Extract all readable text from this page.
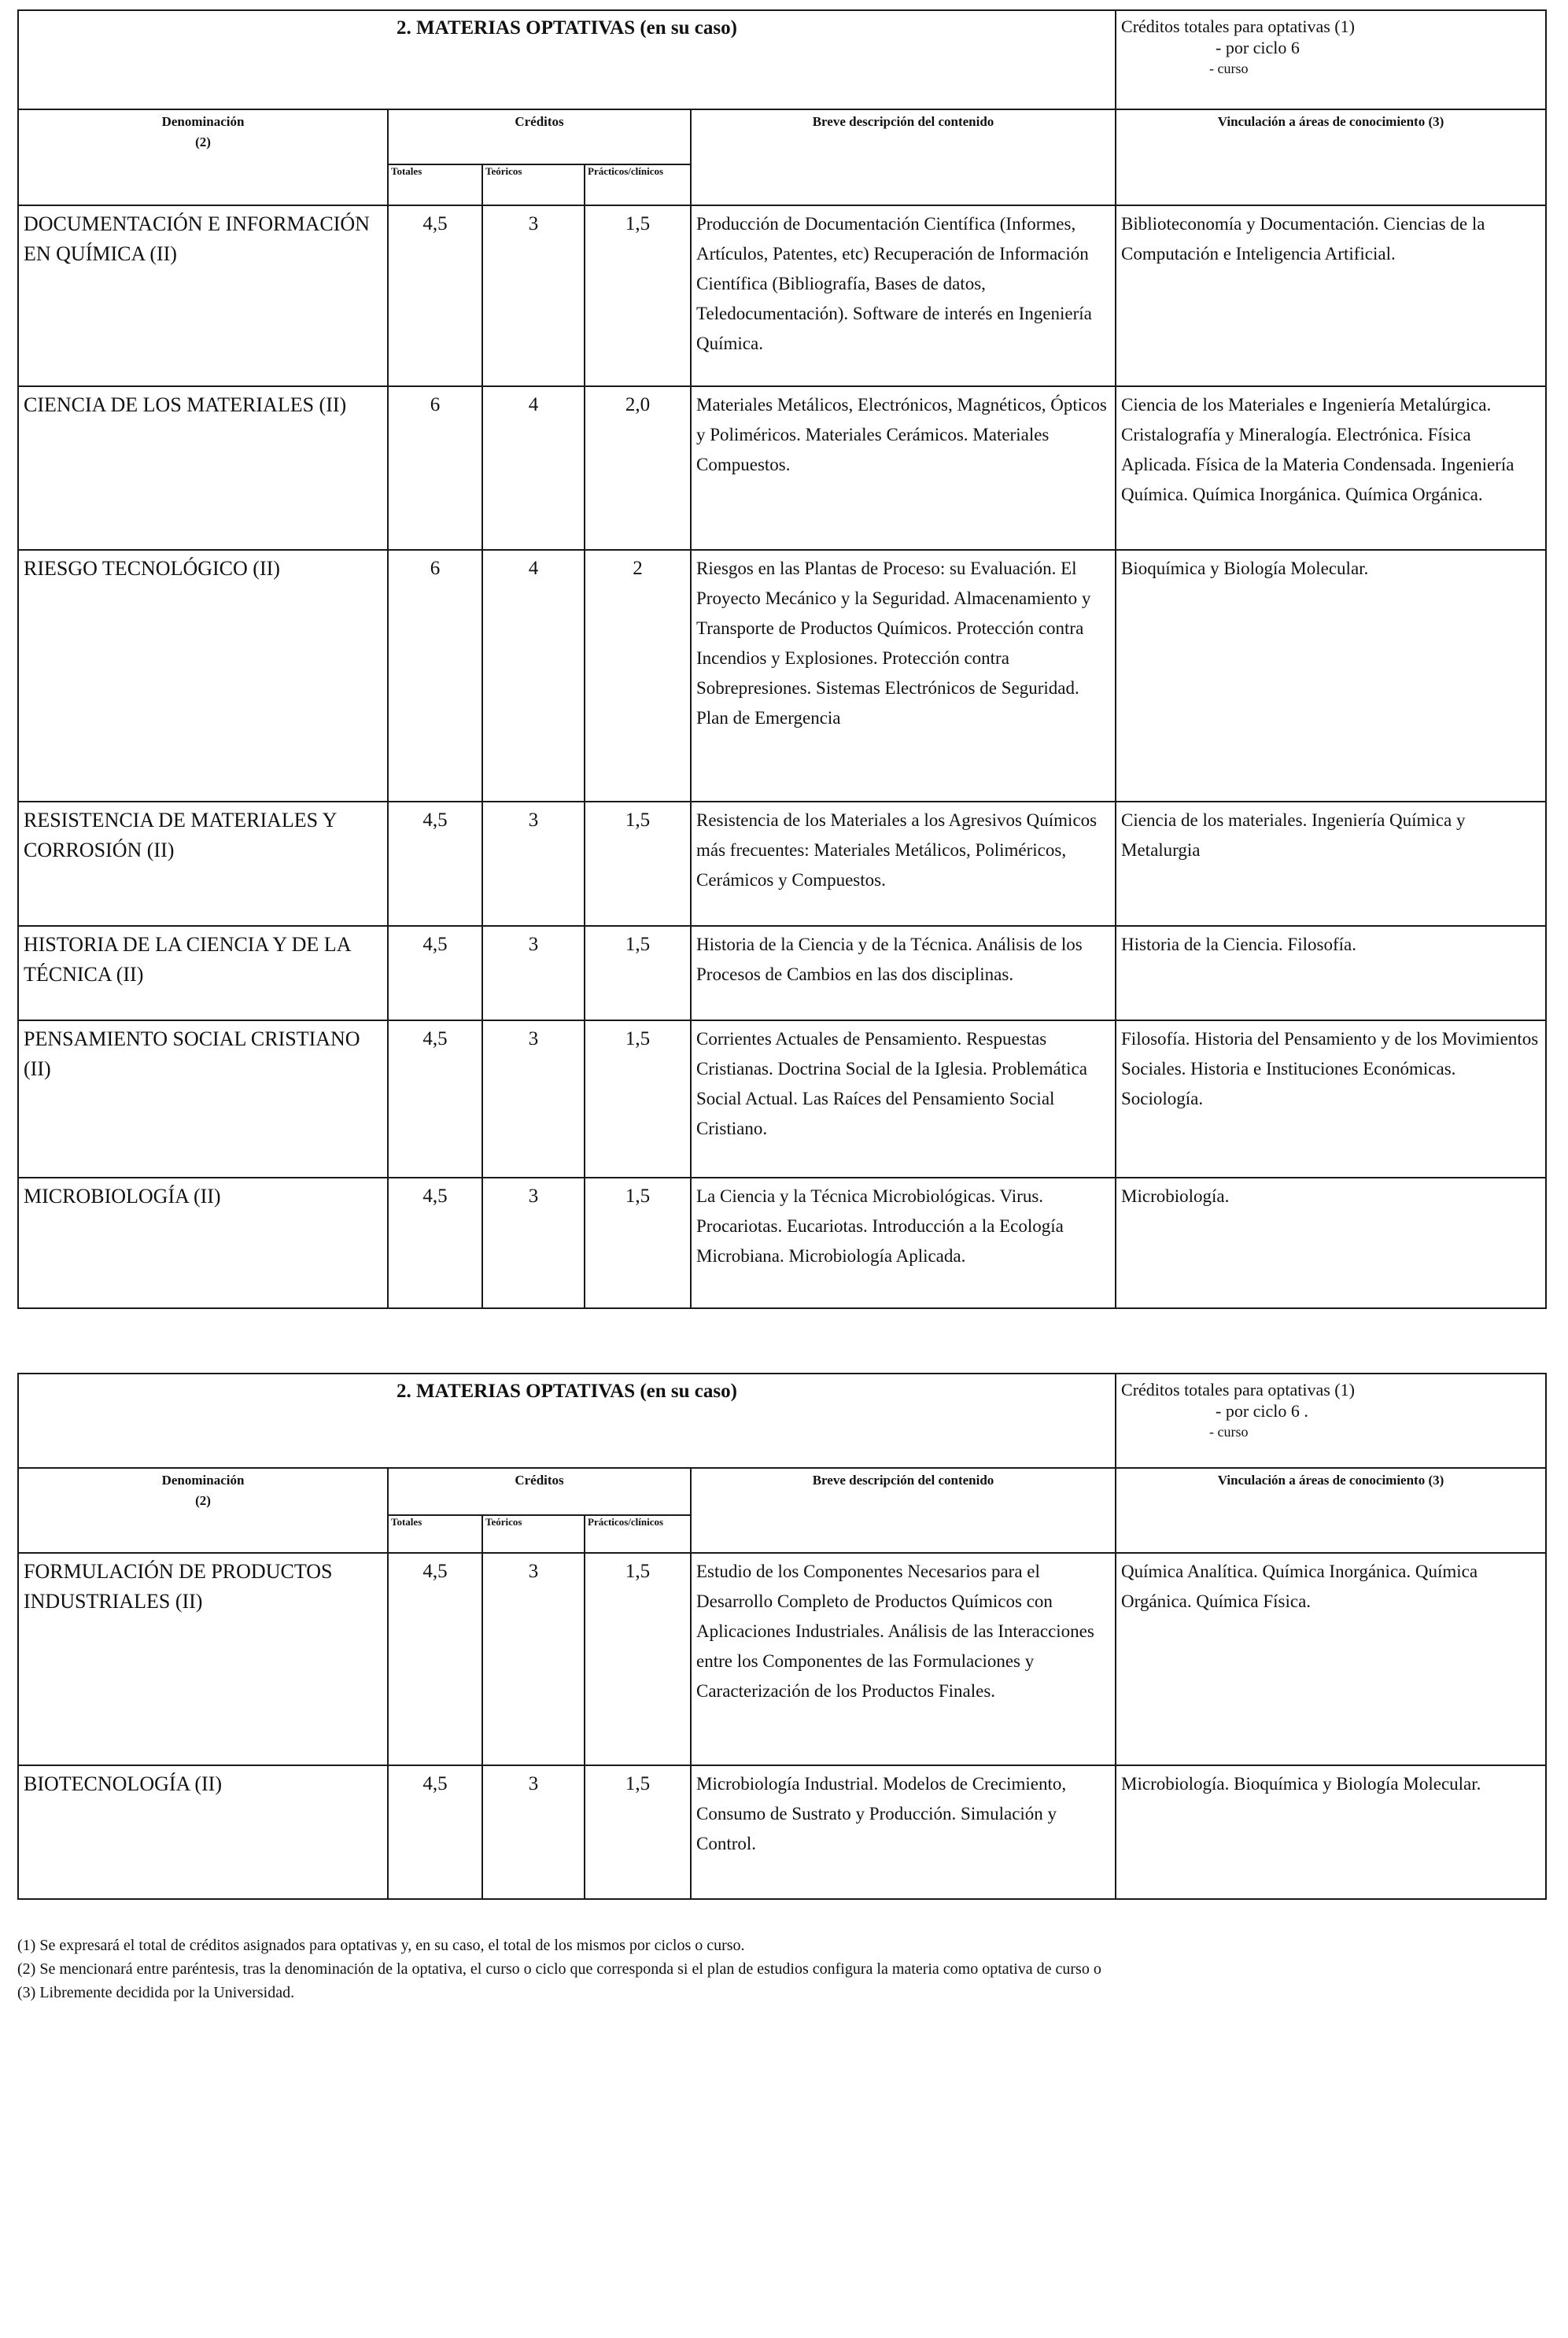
2. MATERIAS OPTATIVAS (en su caso)					Créditos totales para optativas (1)
- por ciclo 6
- curso

Denominación
(2)	Créditos			Breve descripción del contenido	Vinculación a áreas de conocimiento (3)
	Totales	Teóricos	Prácticos/clínicos		
DOCUMENTACIÓN E INFORMACIÓN EN QUÍMICA (II)	4,5	3	1,5	Producción de Documentación Científica (Informes, Artículos, Patentes, etc) Recuperación de Información Científica (Bibliografía, Bases de datos, Teledocumentación). Software de interés en Ingeniería Química.	Biblioteconomía y Documentación. Ciencias de la Computación e Inteligencia Artificial.
CIENCIA DE LOS MATERIALES (II)	6	4	2,0	Materiales Metálicos, Electrónicos, Magnéticos, Ópticos y Poliméricos. Materiales Cerámicos. Materiales Compuestos.	Ciencia de los Materiales e Ingeniería Metalúrgica. Cristalografía y Mineralogía. Electrónica. Física Aplicada. Física de la Materia Condensada. Ingeniería Química. Química Inorgánica. Química Orgánica.
RIESGO TECNOLÓGICO (II)	6	4	2	Riesgos en las Plantas de Proceso: su Evaluación. El Proyecto Mecánico y la Seguridad. Almacenamiento y Transporte de Productos Químicos. Protección contra Incendios y Explosiones. Protección contra Sobrepresiones. Sistemas Electrónicos de Seguridad. Plan de Emergencia	Bioquímica y Biología Molecular.
RESISTENCIA DE MATERIALES Y CORROSIÓN (II)	4,5	3	1,5	Resistencia de los Materiales a los Agresivos Químicos más frecuentes: Materiales Metálicos, Poliméricos, Cerámicos y Compuestos.	Ciencia de los materiales. Ingeniería Química y Metalurgia
HISTORIA DE LA CIENCIA Y DE LA TÉCNICA (II)	4,5	3	1,5	Historia de la Ciencia y de la Técnica. Análisis de los Procesos de Cambios en las dos disciplinas.	Historia de la Ciencia. Filosofía.
PENSAMIENTO SOCIAL CRISTIANO (II)	4,5	3	1,5	Corrientes Actuales de Pensamiento. Respuestas Cristianas. Doctrina Social de la Iglesia. Problemática Social Actual. Las Raíces del Pensamiento Social Cristiano.	Filosofía. Historia del Pensamiento y de los Movimientos Sociales. Historia e Instituciones Económicas. Sociología.
MICROBIOLOGÍA (II)	4,5	3	1,5	La Ciencia y la Técnica Microbiológicas. Virus. Procariotas. Eucariotas. Introducción a la Ecología Microbiana. Microbiología Aplicada.	Microbiología.
2. MATERIAS OPTATIVAS (en su caso)					Créditos totales para optativas (1)
- por ciclo 6 .
- curso

Denominación
(2)	Créditos			Breve descripción del contenido	Vinculación a áreas de conocimiento (3)
	Totales	Teóricos	Prácticos/clínicos		
FORMULACIÓN DE PRODUCTOS INDUSTRIALES (II)	4,5	3	1,5	Estudio de los Componentes Necesarios para el Desarrollo Completo de Productos Químicos con Aplicaciones Industriales. Análisis de las Interacciones entre los Componentes de las Formulaciones y Caracterización de los Productos Finales.	Química Analítica. Química Inorgánica. Química Orgánica. Química Física.
BIOTECNOLOGÍA (II)	4,5	3	1,5	Microbiología Industrial. Modelos de Crecimiento, Consumo de Sustrato y Producción. Simulación y Control.	Microbiología. Bioquímica y Biología Molecular.

(1) Se expresará el total de créditos asignados para optativas y, en su caso, el total de los mismos por ciclos o curso.

(2) Se mencionará entre paréntesis, tras la denominación de la optativa, el curso o ciclo que corresponda si el plan de estudios configura la materia como optativa de curso o

(3) Libremente decidida por la Universidad.
